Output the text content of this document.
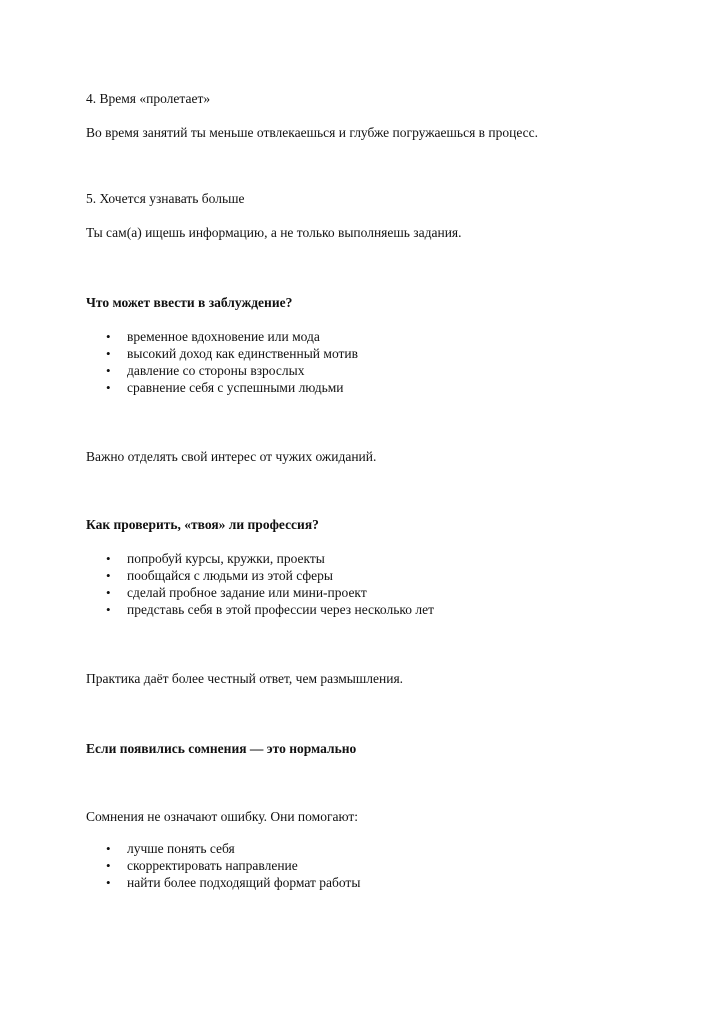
4. Время «пролетает»
Во время занятий ты меньше отвлекаешься и глубже погружаешься в процесс.
5. Хочется узнавать больше
Ты сам(а) ищешь информацию, а не только выполняешь задания.
Что может ввести в заблуждение?
• временное вдохновение или мода
• высокий доход как единственный мотив
• давление со стороны взрослых
• сравнение себя с успешными людьми
Важно отделять свой интерес от чужих ожиданий.
Как проверить, «твоя» ли профессия?
• попробуй курсы, кружки, проекты
• пообщайся с людьми из этой сферы
• сделай пробное задание или мини-проект
• представь себя в этой профессии через несколько лет
Практика даёт более честный ответ, чем размышления.
Если появились сомнения — это нормально
Сомнения не означают ошибку. Они помогают:
• лучше понять себя
• скорректировать направление
• найти более подходящий формат работы
